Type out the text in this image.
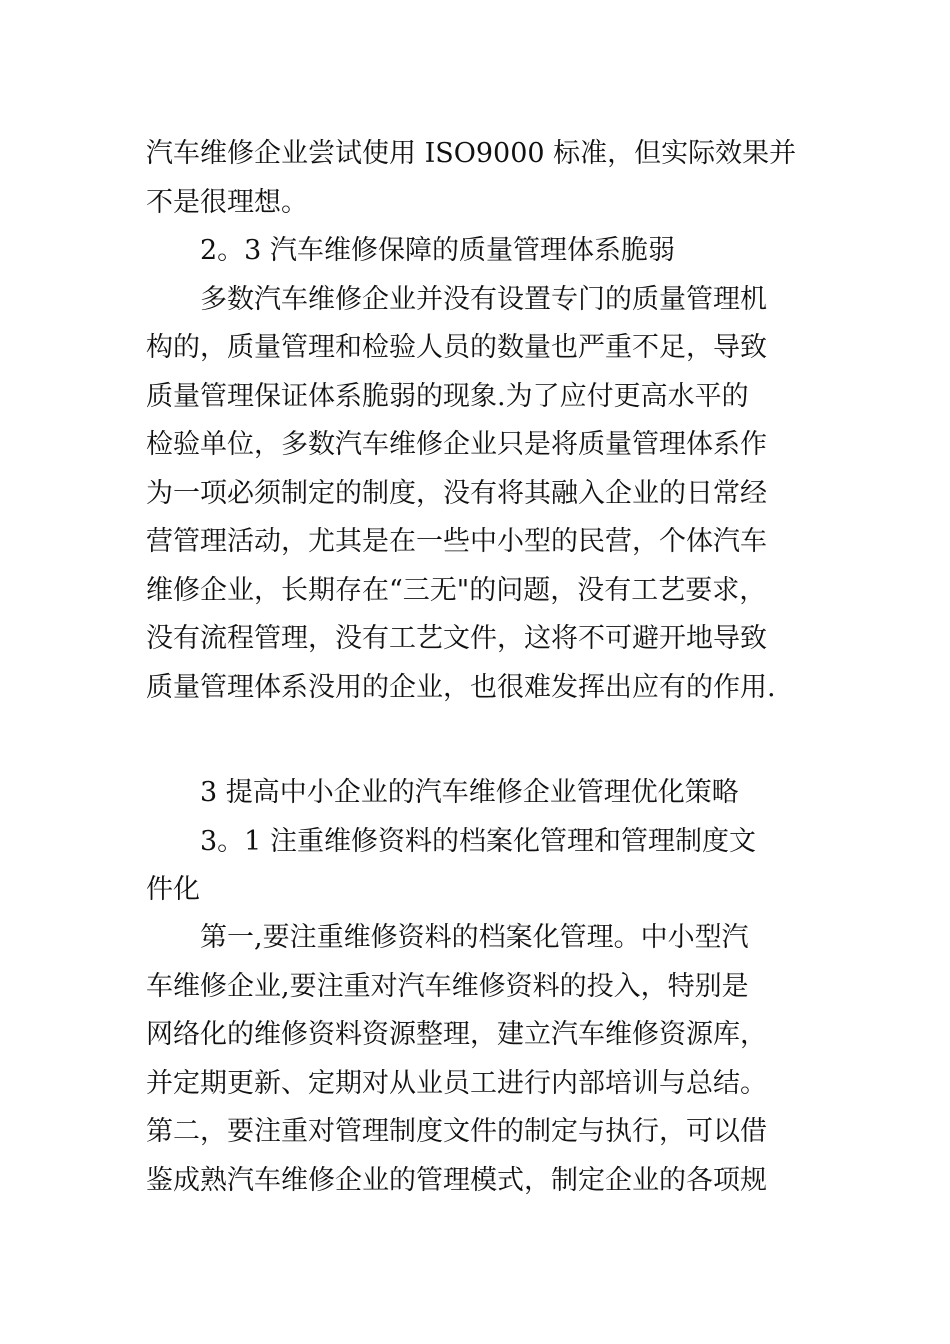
汽车维修企业尝试使用 ISO9000 标准，但实际效果并
不是很理想。
2。3 汽车维修保障的质量管理体系脆弱
多数汽车维修企业并没有设置专门的质量管理机
构的，质量管理和检验人员的数量也严重不足，导致
质量管理保证体系脆弱的现象.为了应付更高水平的
检验单位，多数汽车维修企业只是将质量管理体系作
为一项必须制定的制度，没有将其融入企业的日常经
营管理活动，尤其是在一些中小型的民营，个体汽车
维修企业，长期存在“三无"的问题，没有工艺要求，
没有流程管理，没有工艺文件，这将不可避开地导致
质量管理体系没用的企业，也很难发挥出应有的作用.
3 提高中小企业的汽车维修企业管理优化策略
3。1 注重维修资料的档案化管理和管理制度文
件化
第一,要注重维修资料的档案化管理。中小型汽
车维修企业,要注重对汽车维修资料的投入，特别是
网络化的维修资料资源整理，建立汽车维修资源库，
并定期更新、定期对从业员工进行内部培训与总结。
第二，要注重对管理制度文件的制定与执行，可以借
鉴成熟汽车维修企业的管理模式，制定企业的各项规
